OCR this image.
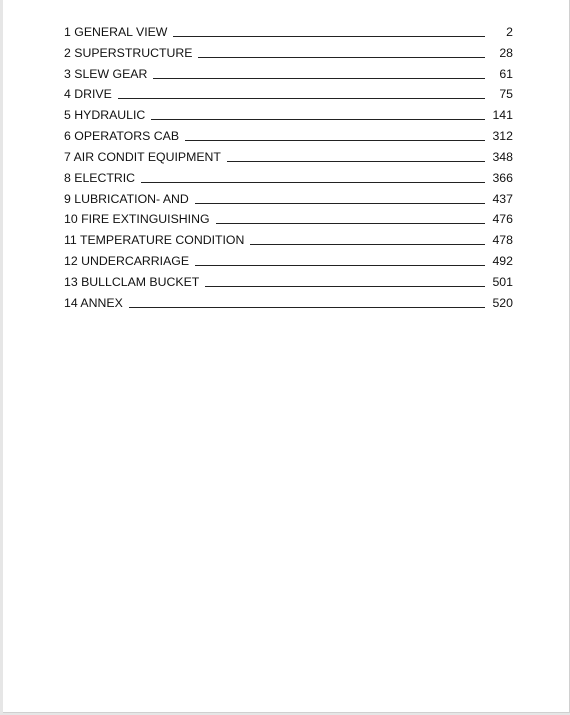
1 GENERAL VIEW	2
2 SUPERSTRUCTURE	28
3 SLEW GEAR	61
4 DRIVE	75
5 HYDRAULIC	141
6 OPERATORS CAB	312
7 AIR CONDIT EQUIPMENT	348
8 ELECTRIC	366
9 LUBRICATION- AND	437
10 FIRE EXTINGUISHING	476
11 TEMPERATURE CONDITION	478
12 UNDERCARRIAGE	492
13 BULLCLAM BUCKET	501
14 ANNEX	520
